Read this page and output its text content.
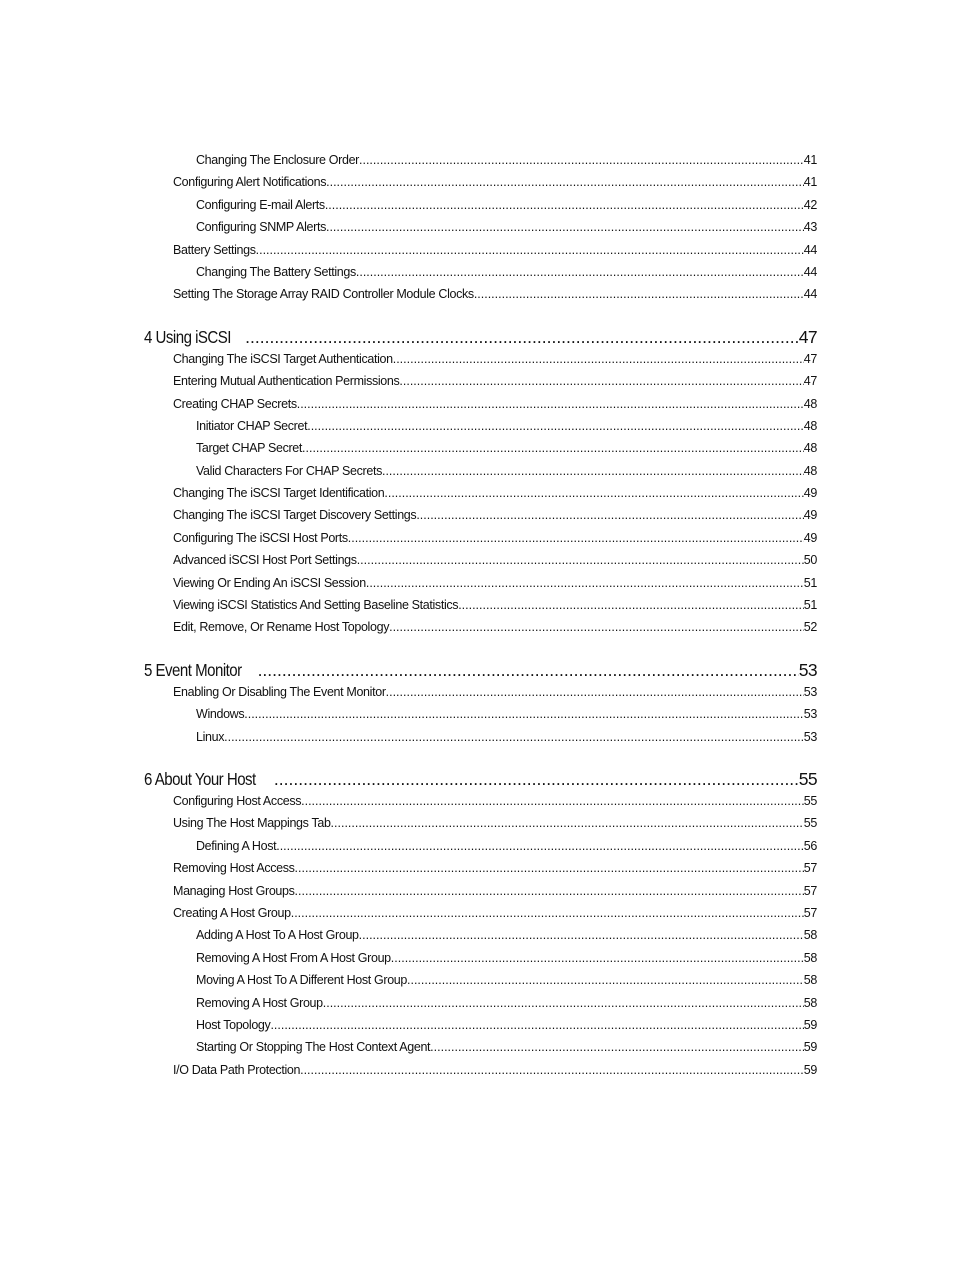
Changing The Enclosure Order .....	41
Configuring Alert Notifications .....	41
Configuring E-mail Alerts .....	42
Configuring SNMP Alerts .....	43
Battery Settings .....	44
Changing The Battery Settings .....	44
Setting The Storage Array RAID Controller Module Clocks .....	44
4 Using iSCSI .....	47
Changing The iSCSI Target Authentication .....	47
Entering Mutual Authentication Permissions .....	47
Creating CHAP Secrets .....	48
Initiator CHAP Secret .....	48
Target CHAP Secret .....	48
Valid Characters For CHAP Secrets .....	48
Changing The iSCSI Target Identification .....	49
Changing The iSCSI Target Discovery Settings .....	49
Configuring The iSCSI Host Ports .....	49
Advanced iSCSI Host Port Settings .....	50
Viewing Or Ending An iSCSI Session .....	51
Viewing iSCSI Statistics And Setting Baseline Statistics .....	51
Edit, Remove, Or Rename Host Topology .....	52
5 Event Monitor .....	53
Enabling Or Disabling The Event Monitor .....	53
Windows .....	53
Linux .....	53
6 About Your Host .....	55
Configuring Host Access .....	55
Using The Host Mappings Tab .....	55
Defining A Host .....	56
Removing Host Access .....	57
Managing Host Groups .....	57
Creating A Host Group .....	57
Adding A Host To A Host Group .....	58
Removing A Host From A Host Group .....	58
Moving A Host To A Different Host Group .....	58
Removing A Host Group .....	58
Host Topology .....	59
Starting Or Stopping The Host Context Agent .....	59
I/O Data Path Protection .....	59
